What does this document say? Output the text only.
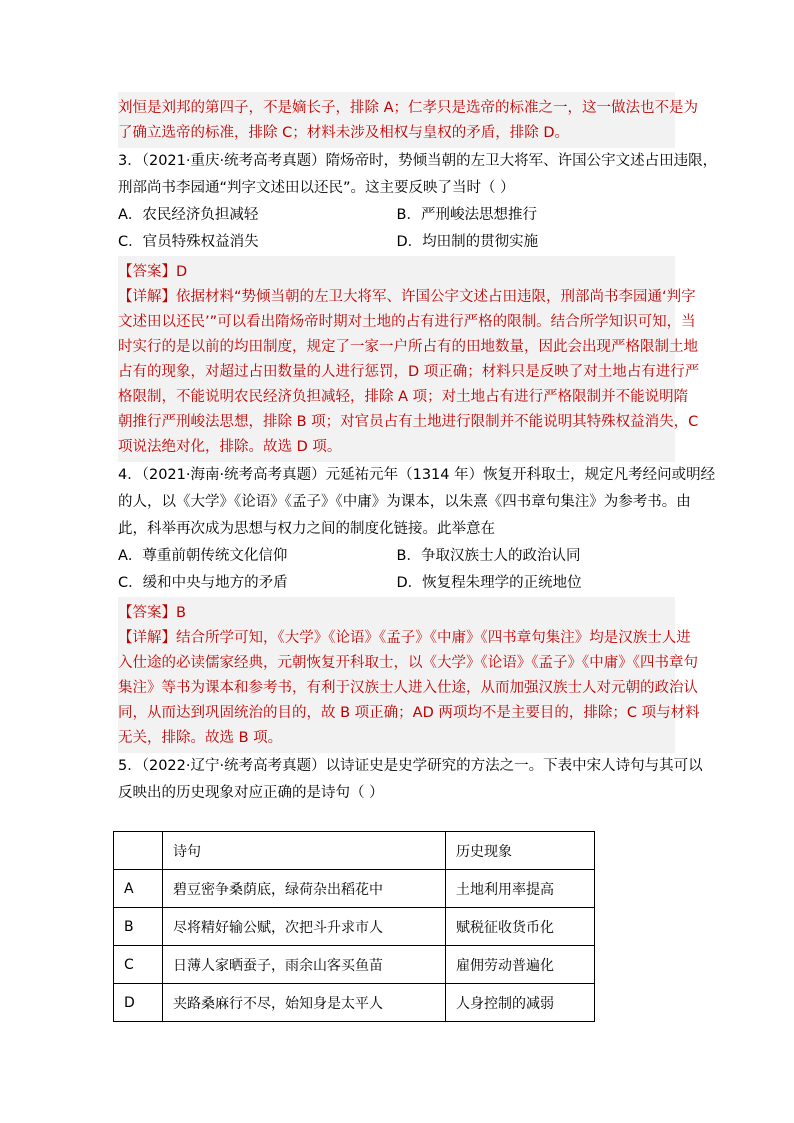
刘恒是刘邦的第四子，不是嫡长子，排除 A；仁孝只是选帝的标准之一，这一做法也不是为
了确立选帝的标准，排除 C；材料未涉及相权与皇权的矛盾，排除 D。
3．（2021·重庆·统考高考真题）隋炀帝时，势倾当朝的左卫大将军、许国公宇文述占田违限，
刑部尚书李园通“判字文述田以还民”。这主要反映了当时（ ）
A．农民经济负担减轻	B．严刑峻法思想推行
C．官员特殊权益消失	D．均田制的贯彻实施
【答案】D
【详解】依据材料“势倾当朝的左卫大将军、许国公宇文述占田违限，刑部尚书李园通‘判字
文述田以还民’”可以看出隋炀帝时期对土地的占有进行严格的限制。结合所学知识可知，当
时实行的是以前的均田制度，规定了一家一户所占有的田地数量，因此会出现严格限制土地
占有的现象，对超过占田数量的人进行惩罚，D 项正确；材料只是反映了对土地占有进行严
格限制，不能说明农民经济负担减轻，排除 A 项；对土地占有进行严格限制并不能说明隋
朝推行严刑峻法思想，排除 B 项；对官员占有土地进行限制并不能说明其特殊权益消失，C
项说法绝对化，排除。故选 D 项。
4．（2021·海南·统考高考真题）元延祐元年（1314 年）恢复开科取士，规定凡考经问或明经
的人，以《大学》《论语》《孟子》《中庸》为课本，以朱熹《四书章句集注》为参考书。由
此，科举再次成为思想与权力之间的制度化链接。此举意在
A．尊重前朝传统文化信仰	B．争取汉族士人的政治认同
C．缓和中央与地方的矛盾	D．恢复程朱理学的正统地位
【答案】B
【详解】结合所学可知，《大学》《论语》《孟子》《中庸》《四书章句集注》均是汉族士人进
入仕途的必读儒家经典，元朝恢复开科取士，以《大学》《论语》《孟子》《中庸》《四书章句
集注》等书为课本和参考书，有利于汉族士人进入仕途，从而加强汉族士人对元朝的政治认
同，从而达到巩固统治的目的，故 B 项正确；AD 两项均不是主要目的，排除；C 项与材料
无关，排除。故选 B 项。
5．（2022·辽宁·统考高考真题）以诗证史是史学研究的方法之一。下表中宋人诗句与其可以
反映出的历史现象对应正确的是诗句（ ）
	诗句	历史现象
A	碧豆密争桑荫底，绿荷杂出稻花中	土地利用率提高
B	尽将精好输公赋，次把斗升求市人	赋税征收货币化
C	日薄人家晒蚕子，雨余山客买鱼苗	雇佣劳动普遍化
D	夹路桑麻行不尽，始知身是太平人	人身控制的减弱
